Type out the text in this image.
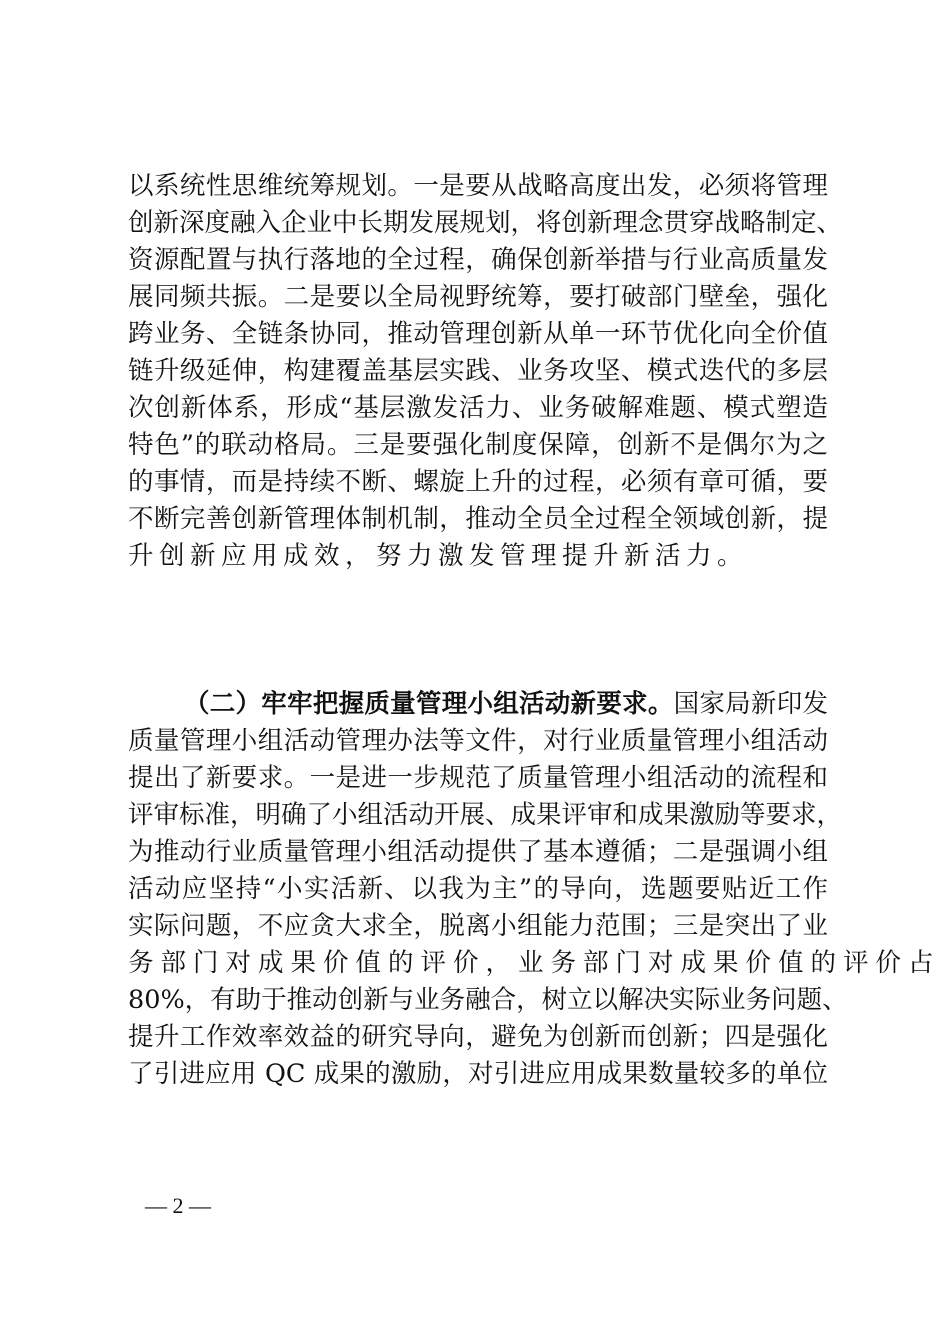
以系统性思维统筹规划。一是要从战略高度出发，必须将管理
创新深度融入企业中长期发展规划，将创新理念贯穿战略制定、
资源配置与执行落地的全过程，确保创新举措与行业高质量发
展同频共振。二是要以全局视野统筹，要打破部门壁垒，强化
跨业务、全链条协同，推动管理创新从单一环节优化向全价值
链升级延伸，构建覆盖基层实践、业务攻坚、模式迭代的多层
次创新体系，形成“基层激发活力、业务破解难题、模式塑造
特色”的联动格局。三是要强化制度保障，创新不是偶尔为之
的事情，而是持续不断、螺旋上升的过程，必须有章可循，要
不断完善创新管理体制机制，推动全员全过程全领域创新，提
升创新应用成效，努力激发管理提升新活力。
（二）牢牢把握质量管理小组活动新要求。国家局新印发
质量管理小组活动管理办法等文件，对行业质量管理小组活动
提出了新要求。一是进一步规范了质量管理小组活动的流程和
评审标准，明确了小组活动开展、成果评审和成果激励等要求，
为推动行业质量管理小组活动提供了基本遵循；二是强调小组
活动应坚持“小实活新、以我为主”的导向，选题要贴近工作
实际问题，不应贪大求全，脱离小组能力范围；三是突出了业
务部门对成果价值的评价，业务部门对成果价值的评价占
80%，有助于推动创新与业务融合，树立以解决实际业务问题、
提升工作效率效益的研究导向，避免为创新而创新；四是强化
了引进应用 QC 成果的激励，对引进应用成果数量较多的单位
— 2 —
